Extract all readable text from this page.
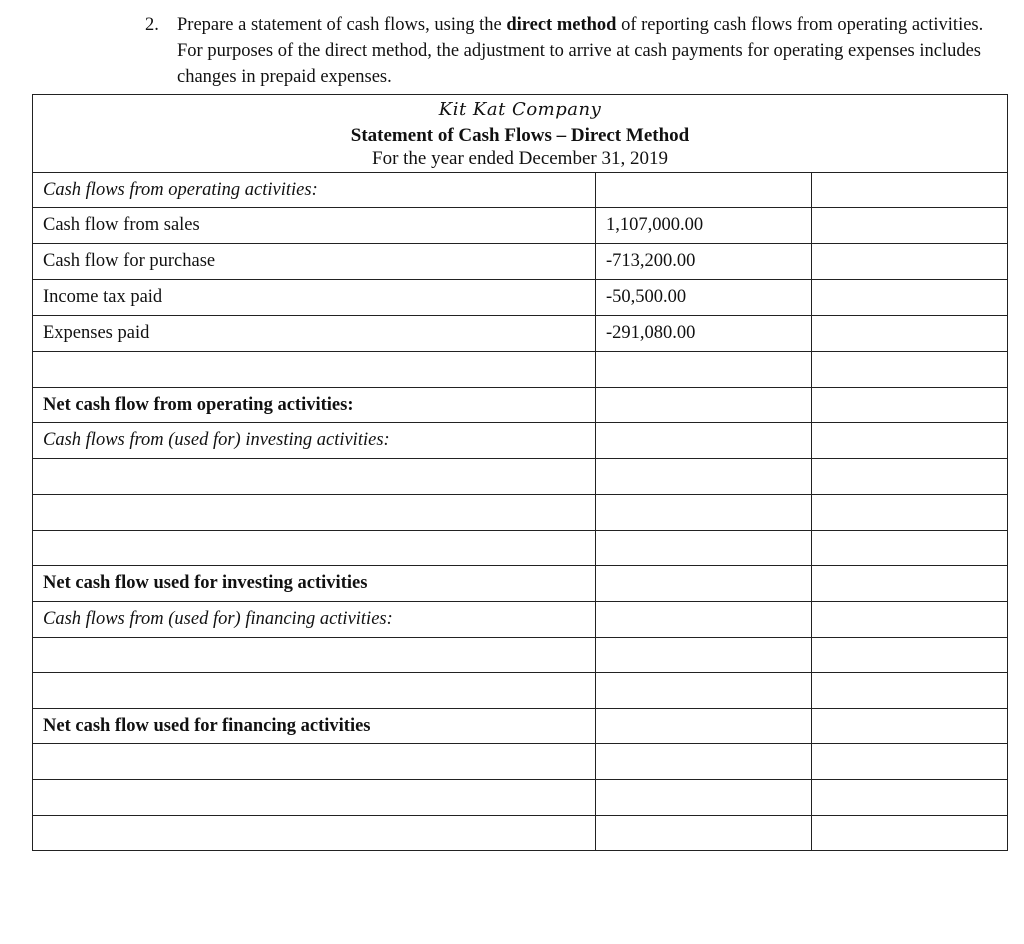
2. Prepare a statement of cash flows, using the direct method of reporting cash flows from operating activities. For purposes of the direct method, the adjustment to arrive at cash payments for operating expenses includes changes in prepaid expenses.
Kit Kat Company
Statement of Cash Flows – Direct Method
For the year ended December 31, 2019
Cash flows from operating activities:
Cash flow from sales	1,107,000.00
Cash flow for purchase	-713,200.00
Income tax paid	-50,500.00
Expenses paid	-291,080.00
Net cash flow from operating activities:
Cash flows from (used for) investing activities:
Net cash flow used for investing activities
Cash flows from (used for) financing activities:
Net cash flow used for financing activities
